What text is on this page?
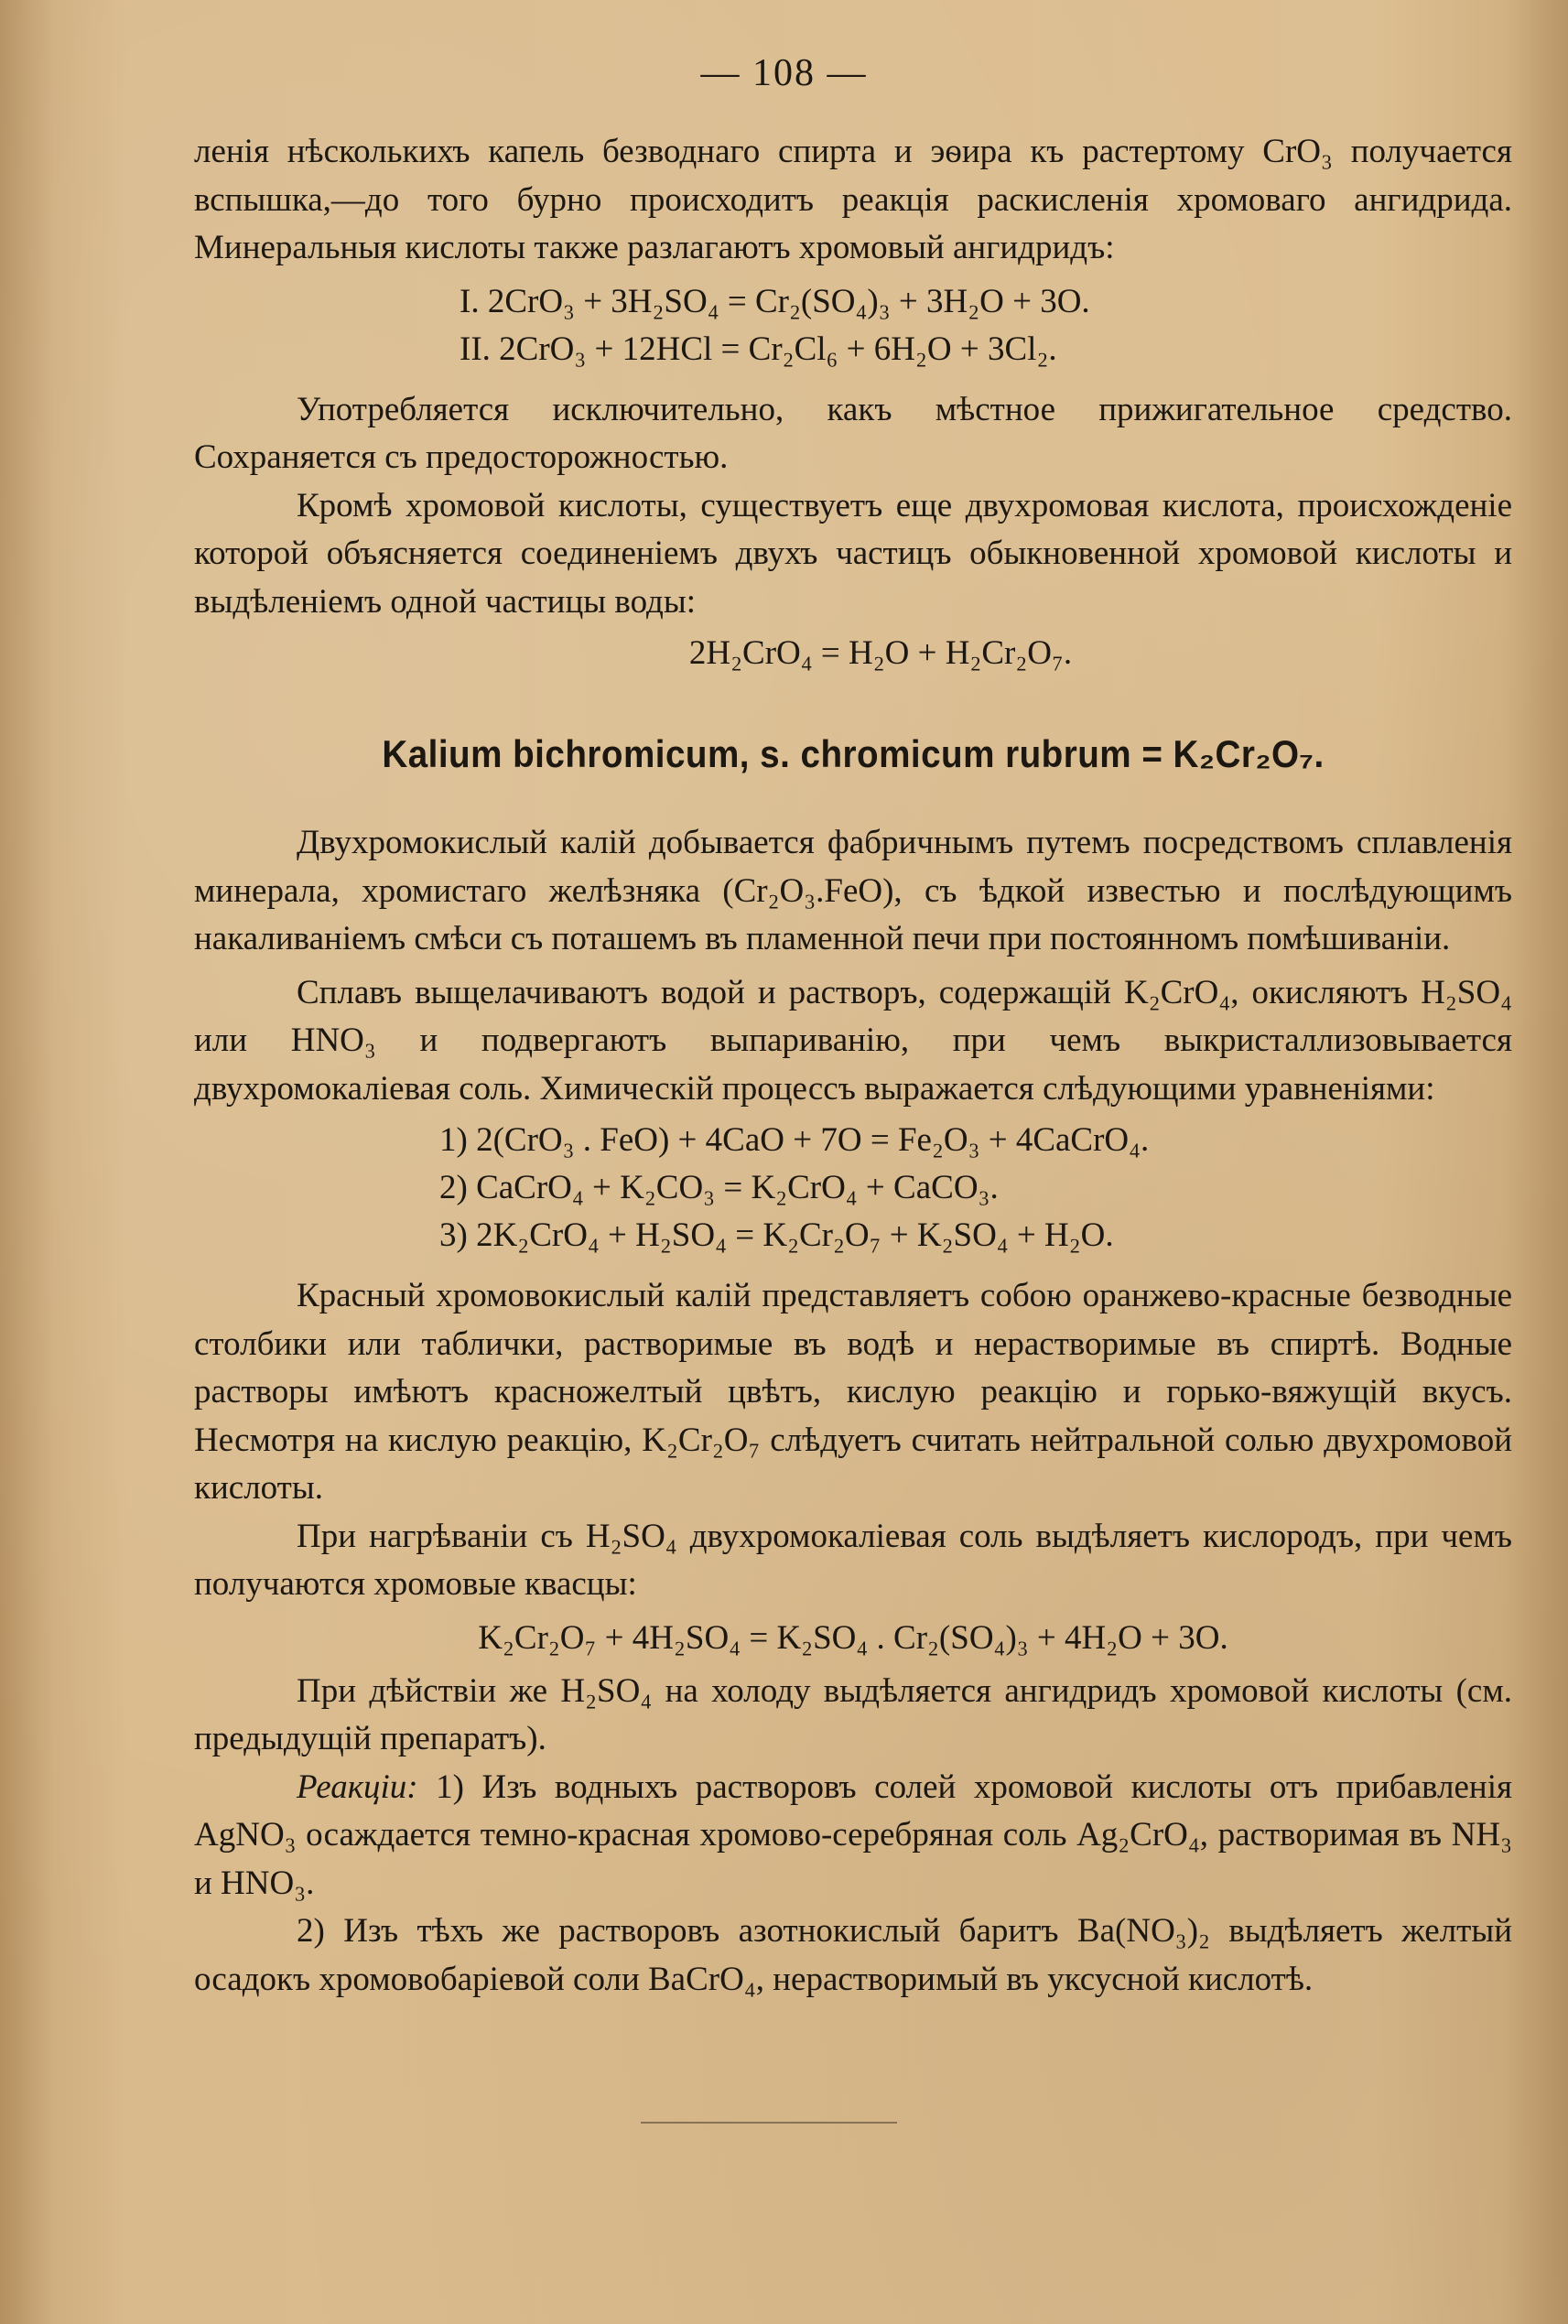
— 108 —

ленія нѣсколькихъ капель безводнаго спирта и эѳира къ растертому CrO₃ получается вспышка,—до того бурно происходитъ реакція раскисленія хромоваго ангидрида. Минеральныя кислоты также разлагаютъ хромовый ангидридъ:

I. 2CrO₃ + 3H₂SO₄ = Cr₂(SO₄)₃ + 3H₂O + 3O.
II. 2CrO₃ + 12HCl = Cr₂Cl₆ + 6H₂O + 3Cl₂.

Употребляется исключительно, какъ мѣстное прижигательное средство. Сохраняется съ предосторожностью.

Кромѣ хромовой кислоты, существуетъ еще двухромовая кислота, происхожденіе которой объясняется соединеніемъ двухъ частицъ обыкновенной хромовой кислоты и выдѣленіемъ одной частицы воды:

2H₂CrO₄ = H₂O + H₂Cr₂O₇.
Kalium bichromicum, s. chromicum rubrum = K₂Cr₂O₇.

Двухромокислый калій добывается фабричнымъ путемъ посредствомъ сплавленія минерала, хромистаго желѣзняка (Cr₂O₃.FeO), съ ѣдкой известью и послѣдующимъ накаливаніемъ смѣси съ поташемъ въ пламенной печи при постоянномъ помѣшиваніи.

Сплавъ выщелачиваютъ водой и растворъ, содержащій K₂CrO₄, окисляютъ H₂SO₄ или HNO₃ и подвергаютъ выпариванію, при чемъ выкристаллизовывается двухромокаліевая соль. Химическій процессъ выражается слѣдующими уравненіями:

1) 2(CrO₃ . FeO) + 4CaO + 7O = Fe₂O₃ + 4CaCrO₄.
2) CaCrO₄ + K₂CO₃ = K₂CrO₄ + CaCO₃.
3) 2K₂CrO₄ + H₂SO₄ = K₂Cr₂O₇ + K₂SO₄ + H₂O.

Красный хромовокислый калій представляетъ собою оранжево-красные безводные столбики или таблички, растворимые въ водѣ и нерастворимые въ спиртѣ. Водные растворы имѣютъ красножелтый цвѣтъ, кислую реакцію и горько-вяжущій вкусъ. Несмотря на кислую реакцію, K₂Cr₂O₇ слѣдуетъ считать нейтральной солью двухромовой кислоты.

При нагрѣваніи съ H₂SO₄ двухромокаліевая соль выдѣляетъ кислородъ, при чемъ получаются хромовые квасцы:

K₂Cr₂O₇ + 4H₂SO₄ = K₂SO₄ . Cr₂(SO₄)₃ + 4H₂O + 3O.

При дѣйствіи же H₂SO₄ на холоду выдѣляется ангидридъ хромовой кислоты (см. предыдущій препаратъ).

Реакціи: 1) Изъ водныхъ растворовъ солей хромовой кислоты отъ прибавленія AgNO₃ осаждается темно-красная хромово-серебряная соль Ag₂CrO₄, растворимая въ NH₃ и HNO₃.

2) Изъ тѣхъ же растворовъ азотнокислый баритъ Ba(NO₃)₂ выдѣляетъ желтый осадокъ хромовобаріевой соли BaCrO₄, нерастворимый въ уксусной кислотѣ.
